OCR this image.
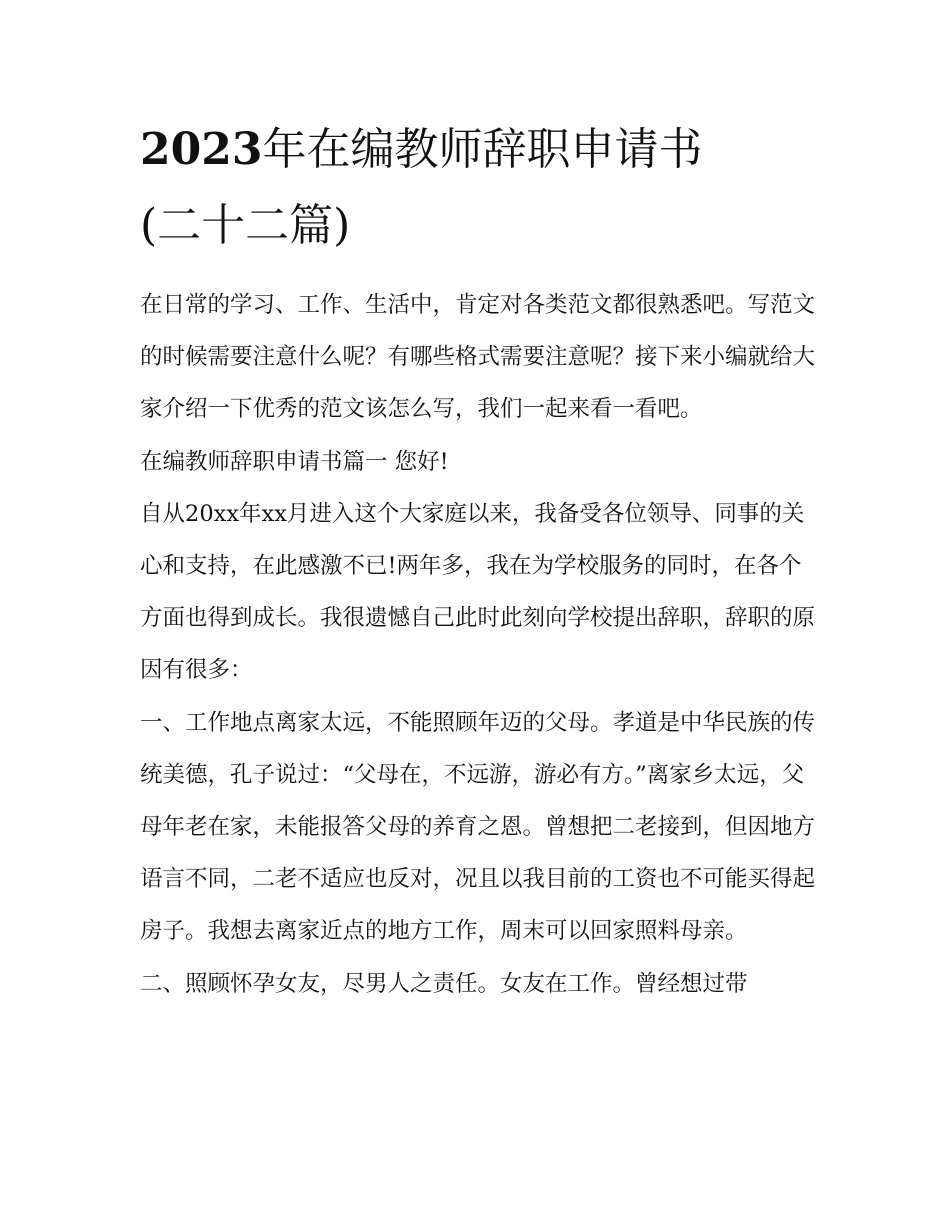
2023年在编教师辞职申请书
(二十二篇)

在日常的学习、工作、生活中，肯定对各类范文都很熟悉吧。写范文的时候需要注意什么呢？有哪些格式需要注意呢？接下来小编就给大家介绍一下优秀的范文该怎么写，我们一起来看一看吧。

在编教师辞职申请书篇一 您好!

自从20xx年xx月进入这个大家庭以来，我备受各位领导、同事的关心和支持，在此感激不已!两年多，我在为学校服务的同时，在各个方面也得到成长。我很遗憾自己此时此刻向学校提出辞职，辞职的原因有很多：

一、工作地点离家太远，不能照顾年迈的父母。孝道是中华民族的传统美德，孔子说过：“父母在，不远游，游必有方。”离家乡太远，父母年老在家，未能报答父母的养育之恩。曾想把二老接到，但因地方语言不同，二老不适应也反对，况且以我目前的工资也不可能买得起房子。我想去离家近点的地方工作，周末可以回家照料母亲。

二、照顾怀孕女友，尽男人之责任。女友在工作。曾经想过带
